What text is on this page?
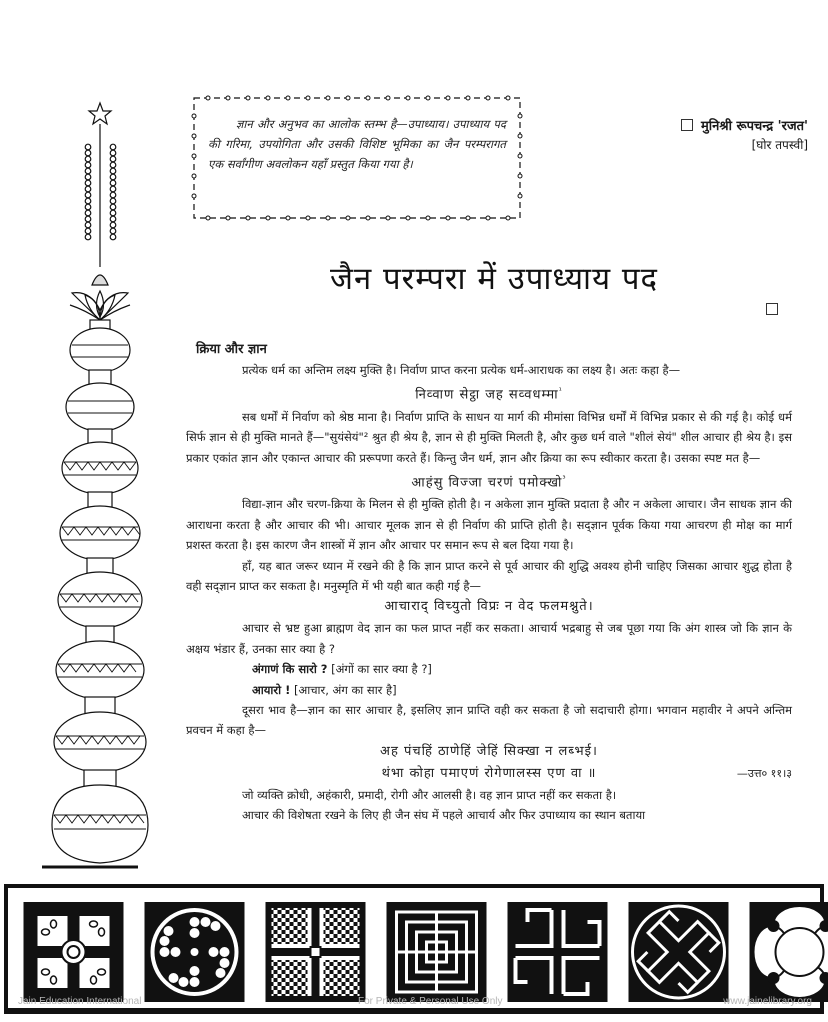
ज्ञान और अनुभव का आलोक स्तम्भ है—उपाध्याय। उपाध्याय पद की गरिमा, उपयोगिता और उसकी विशिष्ट भूमिका का जैन परम्परागत एक सर्वांगीण अवलोकन यहाँ प्रस्तुत किया गया है।
मुनिश्री रूपचन्द्र 'रजत'
[घोर तपस्वी]
जैन परम्परा में उपाध्याय पद
क्रिया और ज्ञान

प्रत्येक धर्म का अन्तिम लक्ष्य मुक्ति है। निर्वाण प्राप्त करना प्रत्येक धर्म-आराधक का लक्ष्य है। अतः कहा है—

निव्वाण सेट्ठा जह सव्वधम्मा$^{^1}$

सब धर्मों में निर्वाण को श्रेष्ठ माना है। निर्वाण प्राप्ति के साधन या मार्ग की मीमांसा विभिन्न धर्मों में विभिन्न प्रकार से की गई है। कोई धर्म सिर्फ ज्ञान से ही मुक्ति मानते हैं—"सुयंसेयं"² श्रुत ही श्रेय है, ज्ञान से ही मुक्ति मिलती है, और कुछ धर्म वाले "शीलं सेयं" शील आचार ही श्रेय है। इस प्रकार एकांत ज्ञान और एकान्त आचार की प्ररूपणा करते हैं। किन्तु जैन धर्म, ज्ञान और क्रिया का रूप स्वीकार करता है। उसका स्पष्ट मत है—

आहंसु विज्जा चरणं पमोक्खो$^{^3}$

विद्या-ज्ञान और चरण-क्रिया के मिलन से ही मुक्ति होती है। न अकेला ज्ञान मुक्ति प्रदाता है और न अकेला आचार। जैन साधक ज्ञान की आराधना करता है और आचार की भी। आचार मूलक ज्ञान से ही निर्वाण की प्राप्ति होती है। सद्ज्ञान पूर्वक किया गया आचरण ही मोक्ष का मार्ग प्रशस्त करता है। इस कारण जैन शास्त्रों में ज्ञान और आचार पर समान रूप से बल दिया गया है।

हाँ, यह बात जरूर ध्यान में रखने की है कि ज्ञान प्राप्त करने से पूर्व आचार की शुद्धि अवश्य होनी चाहिए जिसका आचार शुद्ध होता है वही सद्ज्ञान प्राप्त कर सकता है। मनुस्मृति में भी यही बात कही गई है—

आचाराद् विच्युतो विप्रः न वेद फलमश्नुते।

आचार से भ्रष्ट हुआ ब्राह्मण वेद ज्ञान का फल प्राप्त नहीं कर सकता। आचार्य भद्रबाहु से जब पूछा गया कि अंग शास्त्र जो कि ज्ञान के अक्षय भंडार हैं, उनका सार क्या है ?

अंगाणं कि सारो ? [अंगों का सार क्या है ?]
आयारो ! [आचार, अंग का सार है]

दूसरा भाव है—ज्ञान का सार आचार है, इसलिए ज्ञान प्राप्ति वही कर सकता है जो सदाचारी होगा। भगवान महावीर ने अपने अन्तिम प्रवचन में कहा है—

अह पंचहिं ठाणेहिं जेहिं सिक्खा न लब्भई।
थंभा कोहा पमाएणं रोगेणालस्स एण वा ॥	—उत्त० ११।३

जो व्यक्ति क्रोधी, अहंकारी, प्रमादी, रोगी और आलसी है। वह ज्ञान प्राप्त नहीं कर सकता है।

आचार की विशेषता रखने के लिए ही जैन संघ में पहले आचार्य और फिर उपाध्याय का स्थान बताया

Jain Education International	For Private & Personal Use Only	www.jainelibrary.org
